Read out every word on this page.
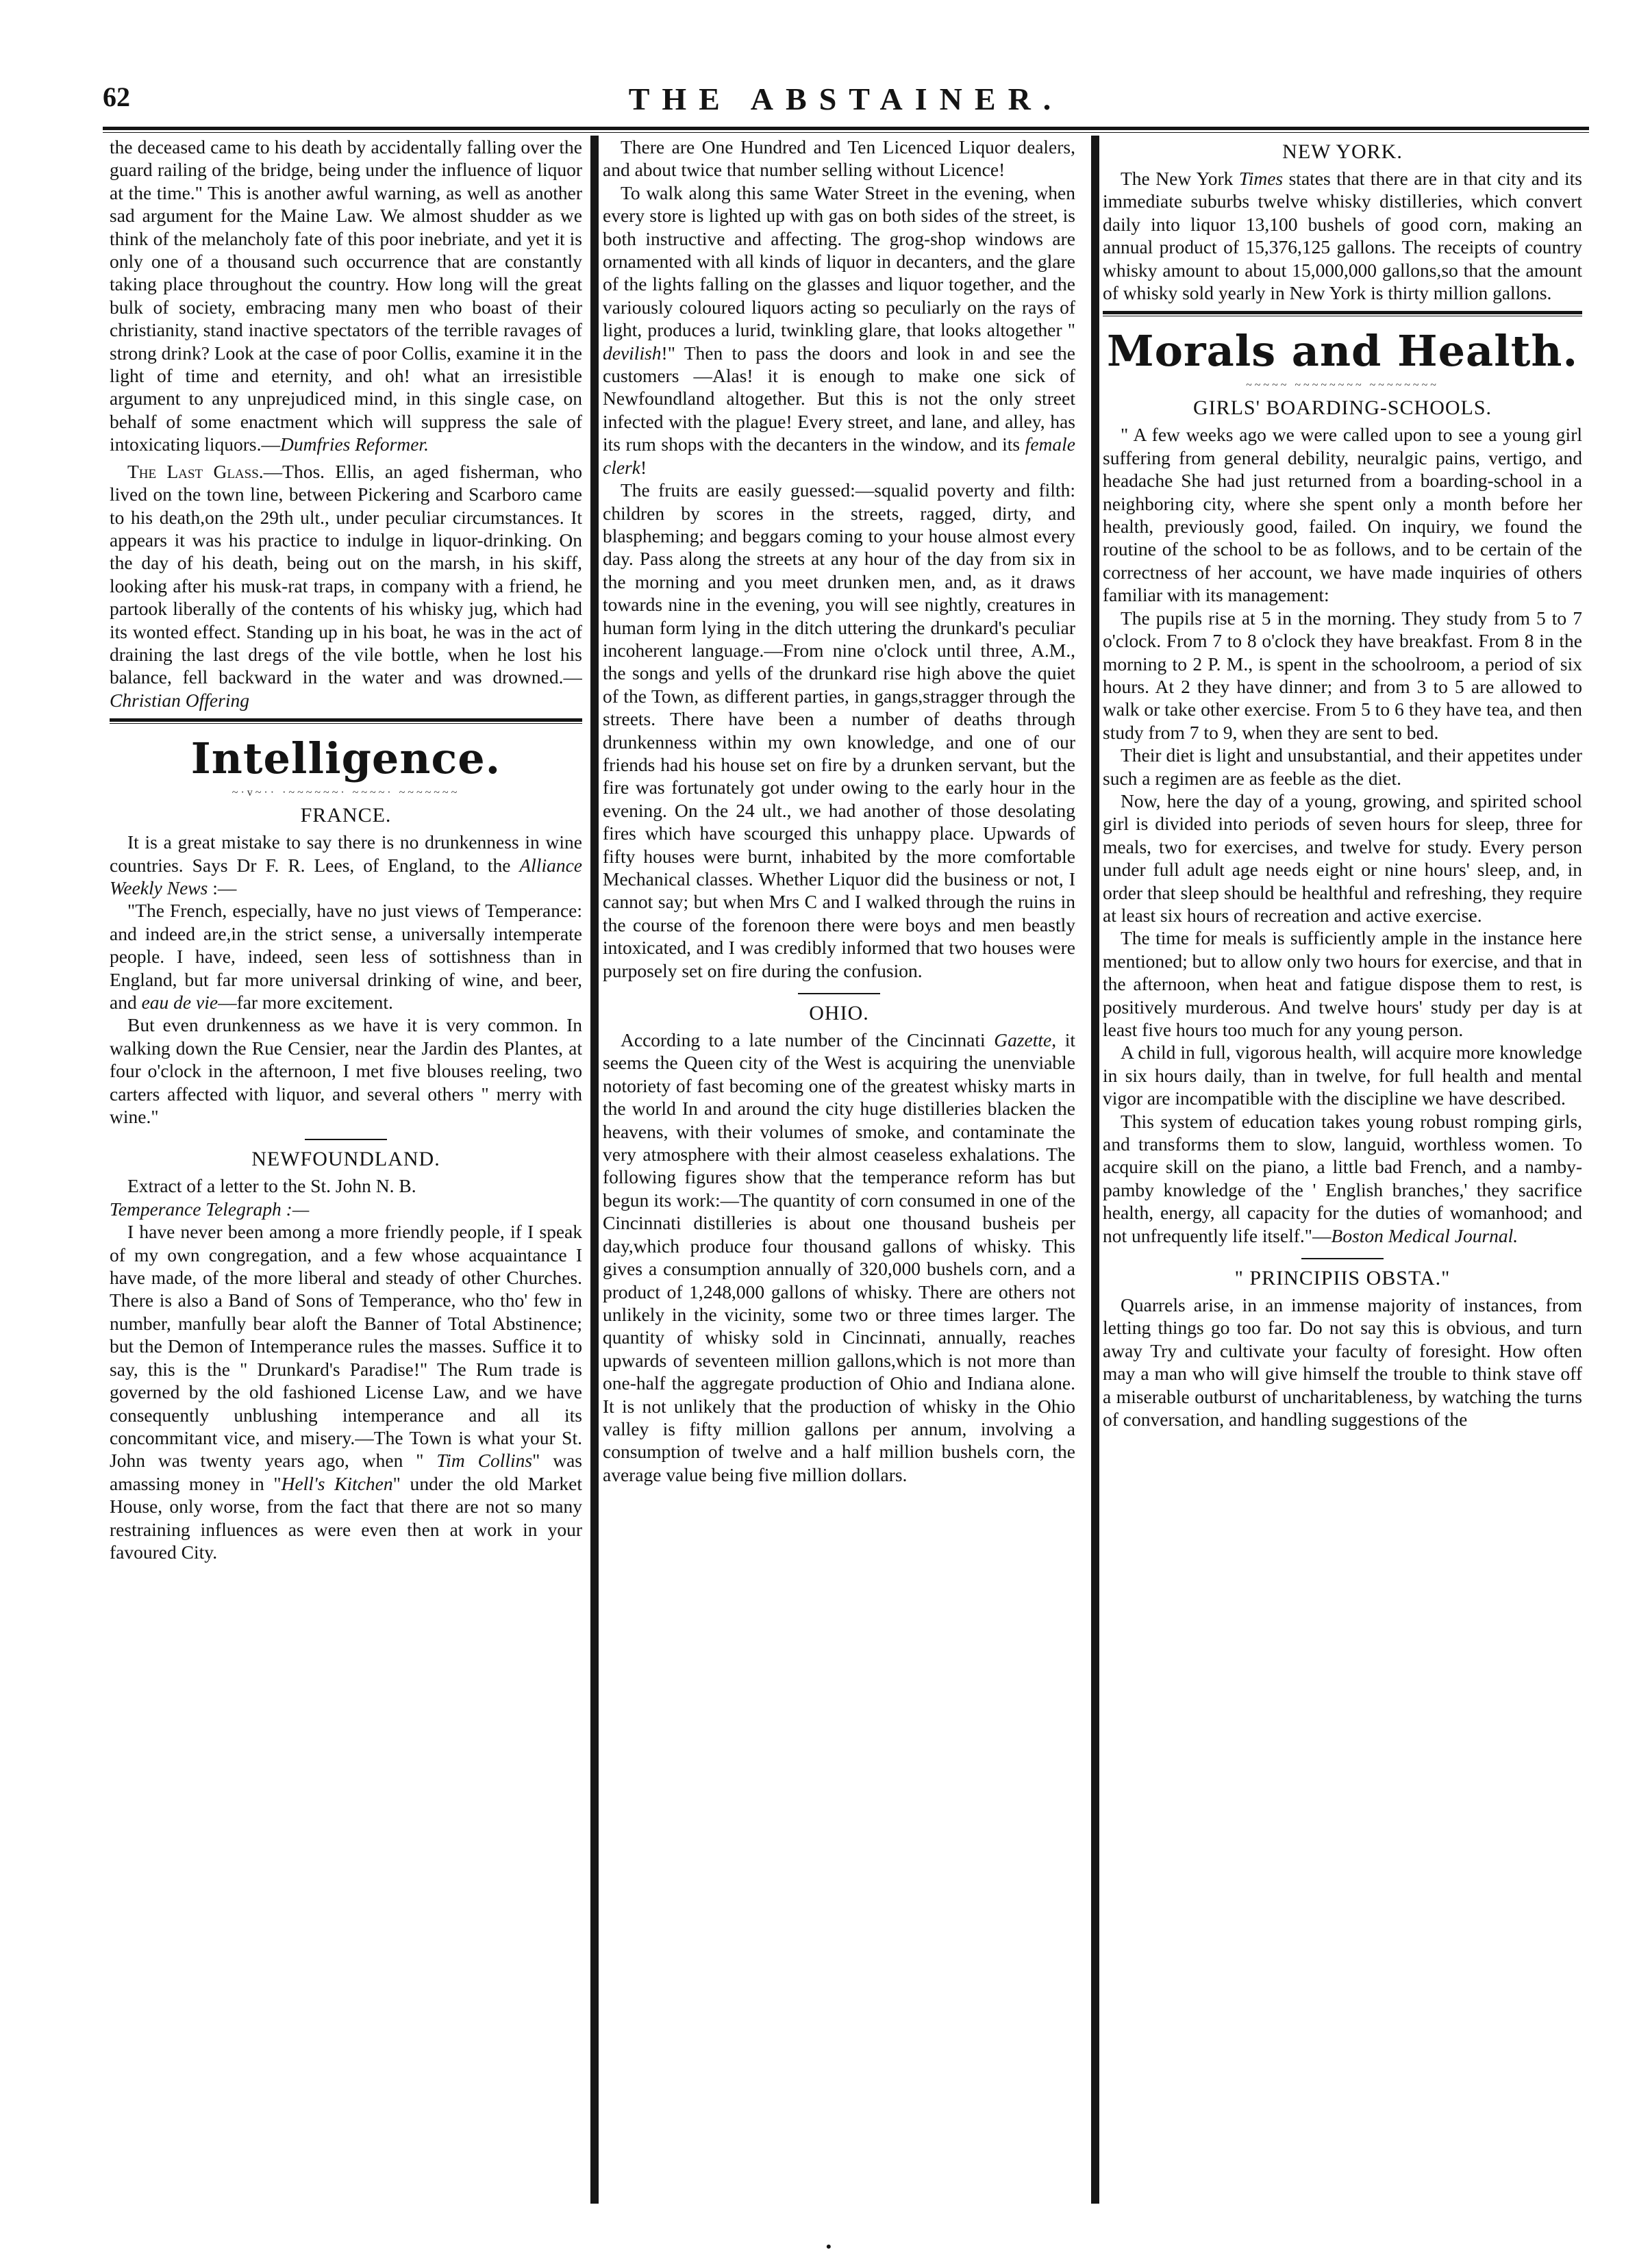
62	THE ABSTAINER.

the deceased came to his death by accidentally falling over the guard railing of the bridge, being under the influence of liquor at the time." This is another awful warning, as well as another sad argument for the Maine Law. We almost shudder as we think of the melancholy fate of this poor inebriate, and yet it is only one of a thousand such occurrence that are constantly taking place throughout the country. How long will the great bulk of society, embracing many men who boast of their christianity, stand inactive spectators of the terrible ravages of strong drink? Look at the case of poor Collis, examine it in the light of time and eternity, and oh! what an irresistible argument to any unprejudiced mind, in this single case, on behalf of some enactment which will suppress the sale of intoxicating liquors.—Dumfries Reformer.

The Last Glass.—Thos. Ellis, an aged fisherman, who lived on the town line, between Pickering and Scarboro came to his death,on the 29th ult., under peculiar circumstances. It appears it was his practice to indulge in liquor-drinking. On the day of his death, being out on the marsh, in his skiff, looking after his musk-rat traps, in company with a friend, he partook liberally of the contents of his whisky jug, which had its wonted effect. Standing up in his boat, he was in the act of draining the last dregs of the vile bottle, when he lost his balance, fell backward in the water and was drowned.—Christian Offering

Intelligence.
~·v~·· ·~~~~~~· ~~~~· ~~~~~~~
FRANCE.

It is a great mistake to say there is no drunkenness in wine countries. Says Dr F. R. Lees, of England, to the Alliance Weekly News :—

"The French, especially, have no just views of Temperance: and indeed are,in the strict sense, a universally intemperate people. I have, indeed, seen less of sottishness than in England, but far more universal drinking of wine, and beer, and eau de vie—far more excitement.

But even drunkenness as we have it is very common. In walking down the Rue Censier, near the Jardin des Plantes, at four o'clock in the afternoon, I met five blouses reeling, two carters affected with liquor, and several others " merry with wine."

NEWFOUNDLAND.

Extract of a letter to the St. John N. B.
Temperance Telegraph :—

I have never been among a more friendly people, if I speak of my own congregation, and a few whose acquaintance I have made, of the more liberal and steady of other Churches. There is also a Band of Sons of Temperance, who tho' few in number, manfully bear aloft the Banner of Total Abstinence; but the Demon of Intemperance rules the masses. Suffice it to say, this is the " Drunkard's Paradise!" The Rum trade is governed by the old fashioned License Law, and we have consequently unblushing intemperance and all its concommitant vice, and misery.—The Town is what your St. John was twenty years ago, when " Tim Collins" was amassing money in "Hell's Kitchen" under the old Market House, only worse, from the fact that there are not so many restraining influences as were even then at work in your favoured City.

There are One Hundred and Ten Licenced Liquor dealers, and about twice that number selling without Licence!

To walk along this same Water Street in the evening, when every store is lighted up with gas on both sides of the street, is both instructive and affecting. The grog-shop windows are ornamented with all kinds of liquor in decanters, and the glare of the lights falling on the glasses and liquor together, and the variously coloured liquors acting so peculiarly on the rays of light, produces a lurid, twinkling glare, that looks altogether " devilish!" Then to pass the doors and look in and see the customers —Alas! it is enough to make one sick of Newfoundland altogether. But this is not the only street infected with the plague! Every street, and lane, and alley, has its rum shops with the decanters in the window, and its female clerk!

The fruits are easily guessed:—squalid poverty and filth: children by scores in the streets, ragged, dirty, and blaspheming; and beggars coming to your house almost every day. Pass along the streets at any hour of the day from six in the morning and you meet drunken men, and, as it draws towards nine in the evening, you will see nightly, creatures in human form lying in the ditch uttering the drunkard's peculiar incoherent language.—From nine o'clock until three, A.M., the songs and yells of the drunkard rise high above the quiet of the Town, as different parties, in gangs,stragger through the streets. There have been a number of deaths through drunkenness within my own knowledge, and one of our friends had his house set on fire by a drunken servant, but the fire was fortunately got under owing to the early hour in the evening. On the 24 ult., we had another of those desolating fires which have scourged this unhappy place. Upwards of fifty houses were burnt, inhabited by the more comfortable Mechanical classes. Whether Liquor did the business or not, I cannot say; but when Mrs C and I walked through the ruins in the course of the forenoon there were boys and men beastly intoxicated, and I was credibly informed that two houses were purposely set on fire during the confusion.

OHIO.

According to a late number of the Cincinnati Gazette, it seems the Queen city of the West is acquiring the unenviable notoriety of fast becoming one of the greatest whisky marts in the world In and around the city huge distilleries blacken the heavens, with their volumes of smoke, and contaminate the very atmosphere with their almost ceaseless exhalations. The following figures show that the temperance reform has but begun its work:—The quantity of corn consumed in one of the Cincinnati distilleries is about one thousand busheis per day,which produce four thousand gallons of whisky. This gives a consumption annually of 320,000 bushels corn, and a product of 1,248,000 gallons of whisky. There are others not unlikely in the vicinity, some two or three times larger. The quantity of whisky sold in Cincinnati, annually, reaches upwards of seventeen million gallons,which is not more than one-half the aggregate production of Ohio and Indiana alone. It is not unlikely that the production of whisky in the Ohio valley is fifty million gallons per annum, involving a consumption of twelve and a half million bushels corn, the average value being five million dollars.

NEW YORK.

The New York Times states that there are in that city and its immediate suburbs twelve whisky distilleries, which convert daily into liquor 13,100 bushels of good corn, making an annual product of 15,376,125 gallons. The receipts of country whisky amount to about 15,000,000 gallons,so that the amount of whisky sold yearly in New York is thirty million gallons.

Morals and Health.
~~~~~ ~~~~~~~~ ~~~~~~~~
GIRLS' BOARDING-SCHOOLS.

" A few weeks ago we were called upon to see a young girl suffering from general debility, neuralgic pains, vertigo, and headache She had just returned from a boarding-school in a neighboring city, where she spent only a month before her health, previously good, failed. On inquiry, we found the routine of the school to be as follows, and to be certain of the correctness of her account, we have made inquiries of others familiar with its management:

The pupils rise at 5 in the morning. They study from 5 to 7 o'clock. From 7 to 8 o'clock they have breakfast. From 8 in the morning to 2 P. M., is spent in the schoolroom, a period of six hours. At 2 they have dinner; and from 3 to 5 are allowed to walk or take other exercise. From 5 to 6 they have tea, and then study from 7 to 9, when they are sent to bed.

Their diet is light and unsubstantial, and their appetites under such a regimen are as feeble as the diet.

Now, here the day of a young, growing, and spirited school girl is divided into periods of seven hours for sleep, three for meals, two for exercises, and twelve for study. Every person under full adult age needs eight or nine hours' sleep, and, in order that sleep should be healthful and refreshing, they require at least six hours of recreation and active exercise.

The time for meals is sufficiently ample in the instance here mentioned; but to allow only two hours for exercise, and that in the afternoon, when heat and fatigue dispose them to rest, is positively murderous. And twelve hours' study per day is at least five hours too much for any young person.

A child in full, vigorous health, will acquire more knowledge in six hours daily, than in twelve, for full health and mental vigor are incompatible with the discipline we have described.

This system of education takes young robust romping girls, and transforms them to slow, languid, worthless women. To acquire skill on the piano, a little bad French, and a namby-pamby knowledge of the ' English branches,' they sacrifice health, energy, all capacity for the duties of womanhood; and not unfrequently life itself."—Boston Medical Journal.

" PRINCIPIIS OBSTA."

Quarrels arise, in an immense majority of instances, from letting things go too far. Do not say this is obvious, and turn away Try and cultivate your faculty of foresight. How often may a man who will give himself the trouble to think stave off a miserable outburst of uncharitableness, by watching the turns of conversation, and handling suggestions of the

•
